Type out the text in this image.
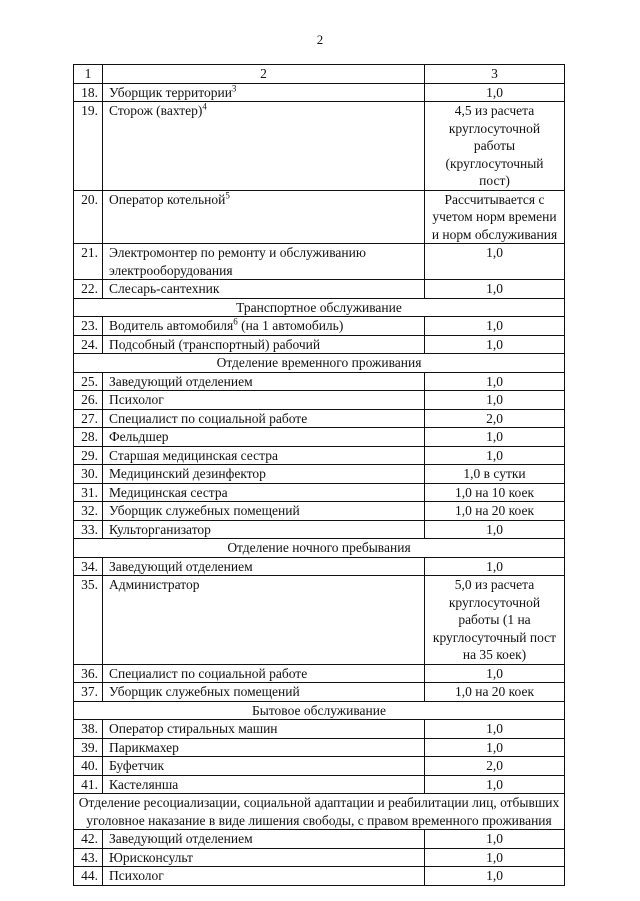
2
1	2	3
18.	Уборщик территории$^3$	1,0
19.	Сторож (вахтер)$^4$	4,5 из расчета круглосуточной работы (круглосуточный пост)
20.	Оператор котельной$^5$	Рассчитывается с учетом норм времени и норм обслуживания
21.	Электромонтер по ремонту и обслуживанию электрооборудования	1,0
22.	Слесарь-сантехник	1,0
Транспортное обслуживание		
23.	Водитель автомобиля$^6$ (на 1 автомобиль)	1,0
24.	Подсобный (транспортный) рабочий	1,0
Отделение временного проживания		
25.	Заведующий отделением	1,0
26.	Психолог	1,0
27.	Специалист по социальной работе	2,0
28.	Фельдшер	1,0
29.	Старшая медицинская сестра	1,0
30.	Медицинский дезинфектор	1,0 в сутки
31.	Медицинская сестра	1,0 на 10 коек
32.	Уборщик служебных помещений	1,0 на 20 коек
33.	Культорганизатор	1,0
Отделение ночного пребывания		
34.	Заведующий отделением	1,0
35.	Администратор	5,0 из расчета круглосуточной работы (1 на круглосуточный пост на 35 коек)
36.	Специалист по социальной работе	1,0
37.	Уборщик служебных помещений	1,0 на 20 коек
Бытовое обслуживание		
38.	Оператор стиральных машин	1,0
39.	Парикмахер	1,0
40.	Буфетчик	2,0
41.	Кастелянша	1,0
Отделение ресоциализации, социальной адаптации и реабилитации лиц, отбывших уголовное наказание в виде лишения свободы, с правом временного проживания		
42.	Заведующий отделением	1,0
43.	Юрисконсульт	1,0
44.	Психолог	1,0
